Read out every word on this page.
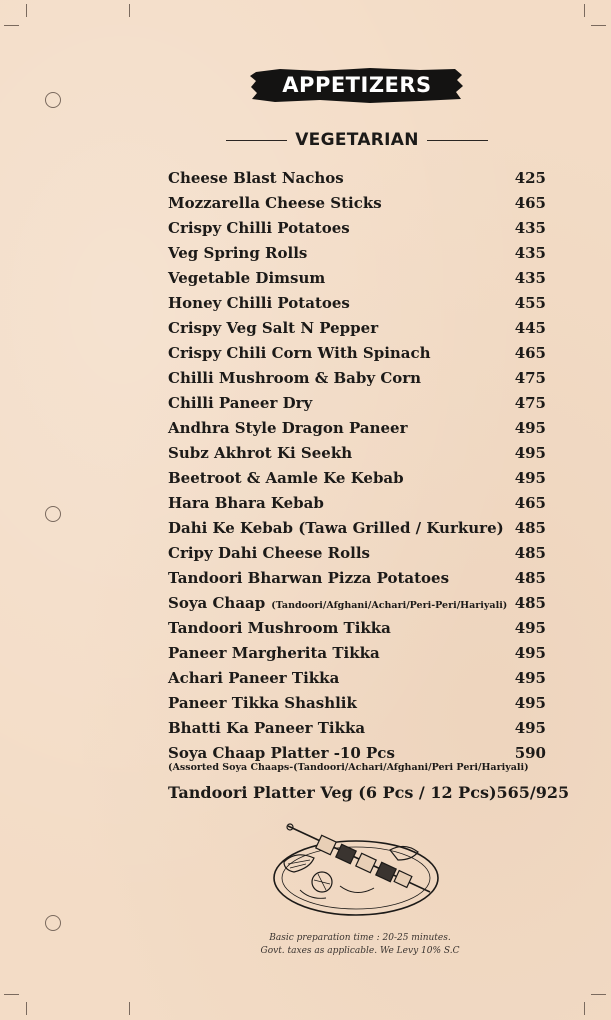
APPETIZERS
VEGETARIAN
Cheese Blast Nachos	425
Mozzarella Cheese Sticks	465
Crispy Chilli Potatoes	435
Veg Spring Rolls	435
Vegetable Dimsum	435
Honey Chilli Potatoes	455
Crispy Veg Salt N Pepper	445
Crispy Chili Corn With Spinach	465
Chilli Mushroom & Baby Corn	475
Chilli Paneer Dry	475
Andhra Style Dragon Paneer	495
Subz Akhrot Ki Seekh	495
Beetroot & Aamle Ke Kebab	495
Hara Bhara Kebab	465
Dahi Ke Kebab (Tawa Grilled / Kurkure) 485
Cripy Dahi Cheese Rolls	485
Tandoori Bharwan Pizza Potatoes	485
Soya Chaap (Tandoori/Afghani/Achari/Peri-Peri/Hariyali) 485
Tandoori Mushroom Tikka	495
Paneer Margherita Tikka	495
Achari Paneer Tikka	495
Paneer Tikka Shashlik	495
Bhatti Ka Paneer Tikka	495
Soya Chaap Platter -10 Pcs	590
(Assorted Soya Chaaps-(Tandoori/Achari/Afghani/Peri Peri/Hariyali)
Tandoori Platter Veg (6 Pcs / 12 Pcs) 565/925
Basic preparation time : 20-25 minutes.
Govt. taxes as applicable. We Levy 10% S.C
